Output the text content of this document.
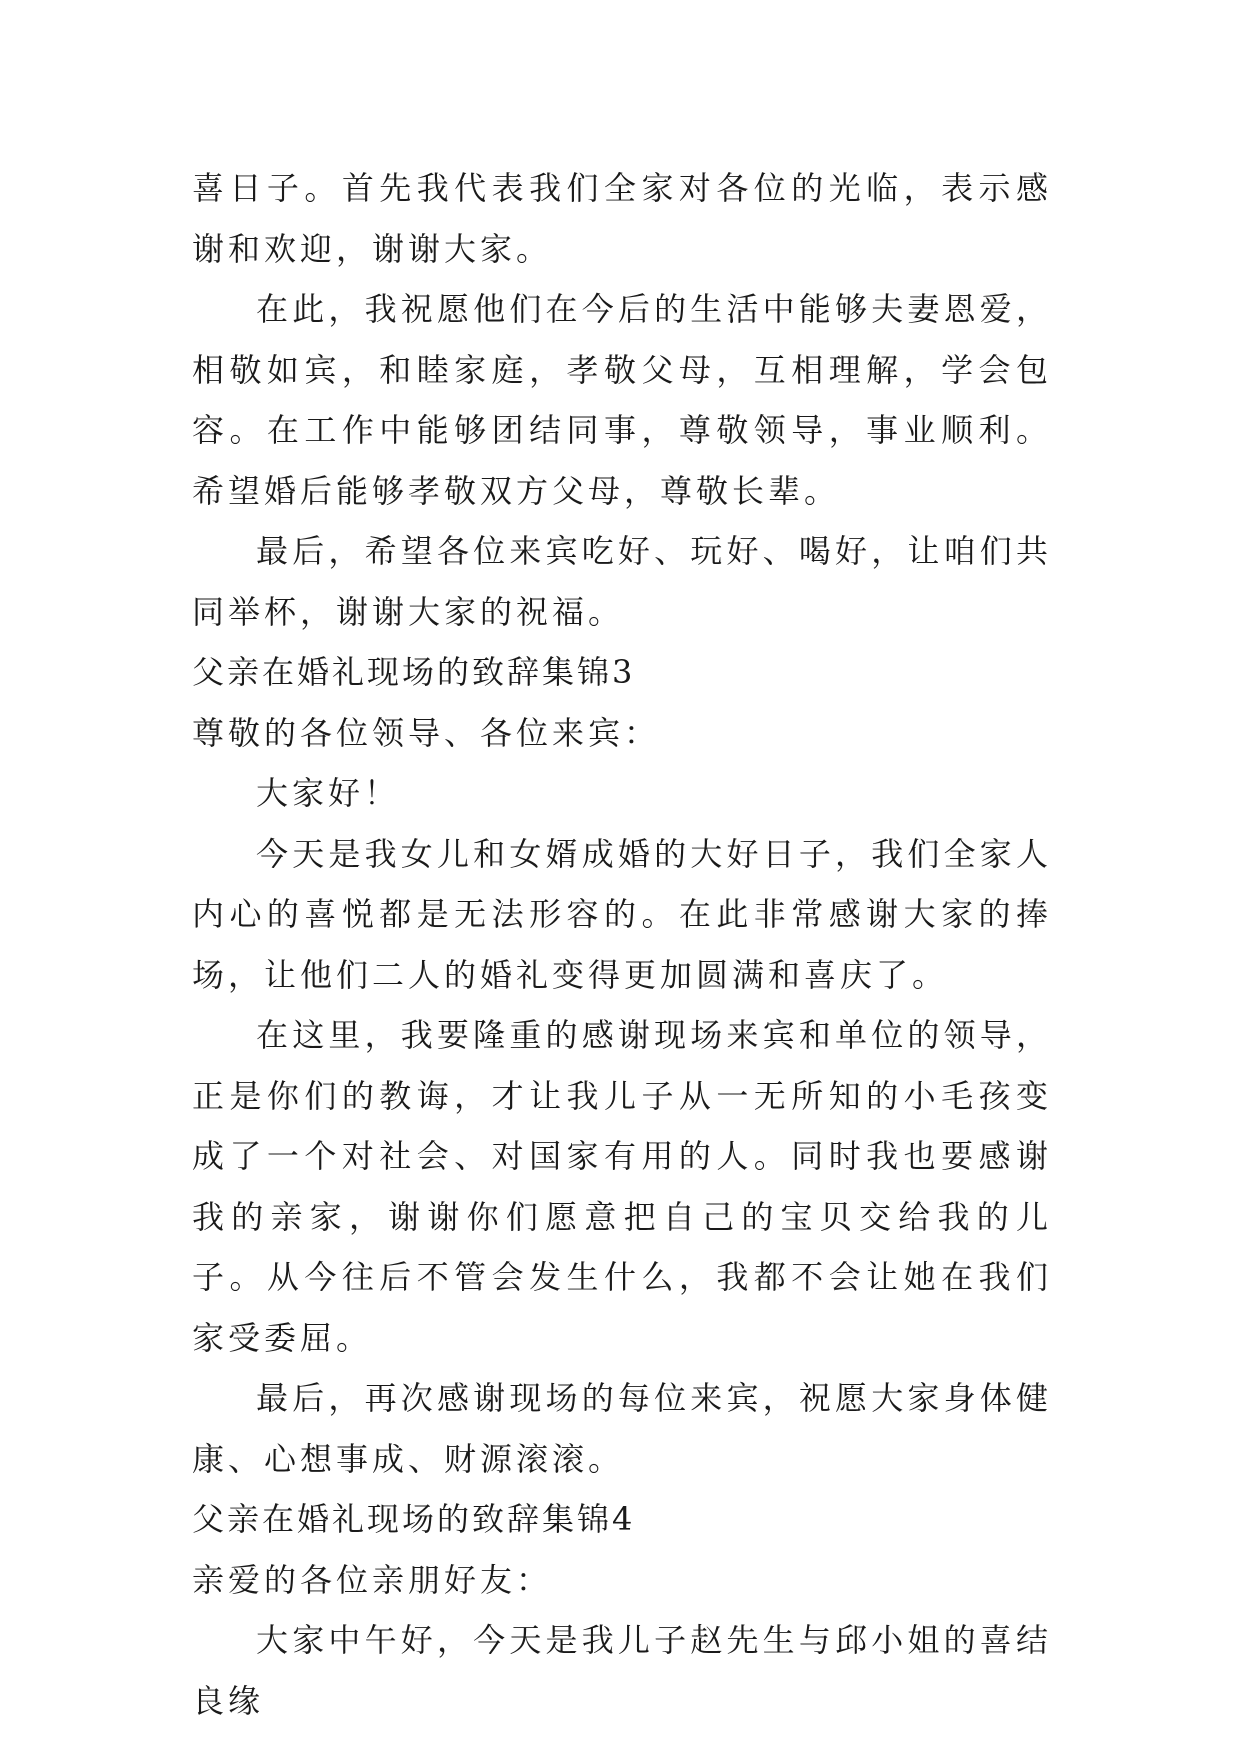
喜日子。首先我代表我们全家对各位的光临，表示感谢和欢迎，谢谢大家。

在此，我祝愿他们在今后的生活中能够夫妻恩爱，相敬如宾，和睦家庭，孝敬父母，互相理解，学会包容。在工作中能够团结同事，尊敬领导，事业顺利。希望婚后能够孝敬双方父母，尊敬长辈。

最后，希望各位来宾吃好、玩好、喝好，让咱们共同举杯，谢谢大家的祝福。

父亲在婚礼现场的致辞集锦3

尊敬的各位领导、各位来宾：

大家好！

今天是我女儿和女婿成婚的大好日子，我们全家人内心的喜悦都是无法形容的。在此非常感谢大家的捧场，让他们二人的婚礼变得更加圆满和喜庆了。

在这里，我要隆重的感谢现场来宾和单位的领导，正是你们的教诲，才让我儿子从一无所知的小毛孩变成了一个对社会、对国家有用的人。同时我也要感谢我的亲家，谢谢你们愿意把自己的宝贝交给我的儿子。从今往后不管会发生什么，我都不会让她在我们家受委屈。

最后，再次感谢现场的每位来宾，祝愿大家身体健康、心想事成、财源滚滚。

父亲在婚礼现场的致辞集锦4

亲爱的各位亲朋好友：

大家中午好，今天是我儿子赵先生与邱小姐的喜结良缘
